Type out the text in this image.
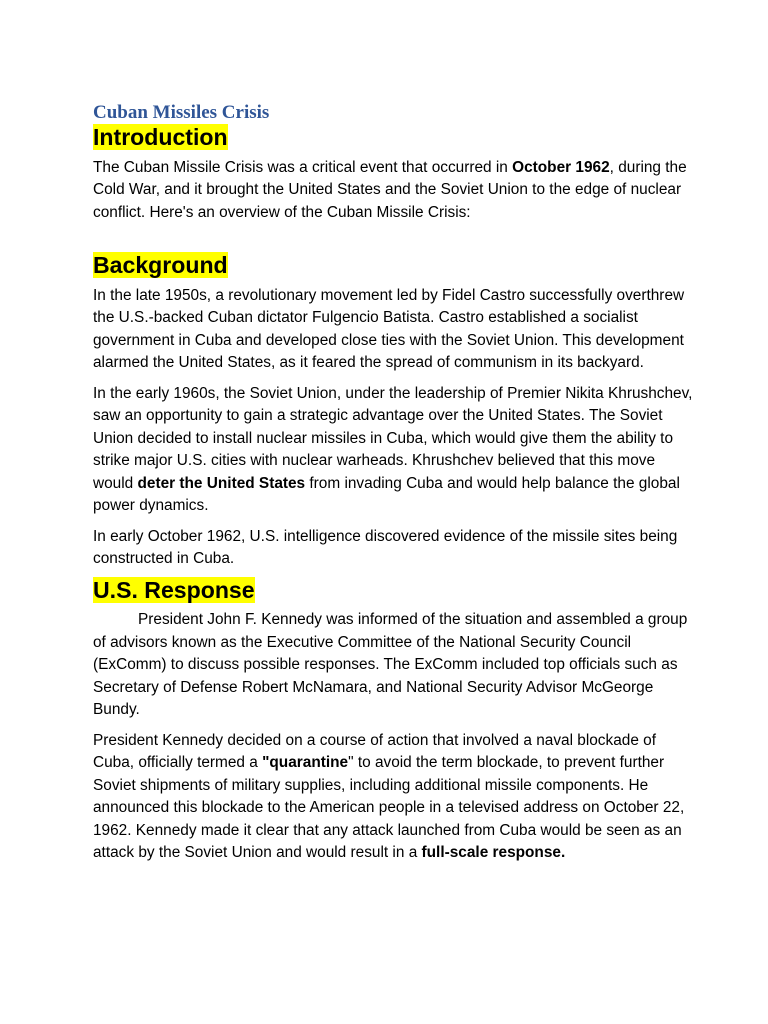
Cuban Missiles Crisis
Introduction

The Cuban Missile Crisis was a critical event that occurred in October 1962, during the Cold War, and it brought the United States and the Soviet Union to the edge of nuclear conflict. Here's an overview of the Cuban Missile Crisis:

Background

In the late 1950s, a revolutionary movement led by Fidel Castro successfully overthrew the U.S.-backed Cuban dictator Fulgencio Batista. Castro established a socialist government in Cuba and developed close ties with the Soviet Union. This development alarmed the United States, as it feared the spread of communism in its backyard.

In the early 1960s, the Soviet Union, under the leadership of Premier Nikita Khrushchev, saw an opportunity to gain a strategic advantage over the United States. The Soviet Union decided to install nuclear missiles in Cuba, which would give them the ability to strike major U.S. cities with nuclear warheads. Khrushchev believed that this move would deter the United States from invading Cuba and would help balance the global power dynamics.

In early October 1962, U.S. intelligence discovered evidence of the missile sites being constructed in Cuba.

U.S. Response

President John F. Kennedy was informed of the situation and assembled a group of advisors known as the Executive Committee of the National Security Council (ExComm) to discuss possible responses. The ExComm included top officials such as Secretary of Defense Robert McNamara, and National Security Advisor McGeorge Bundy.

President Kennedy decided on a course of action that involved a naval blockade of Cuba, officially termed a "quarantine" to avoid the term blockade, to prevent further Soviet shipments of military supplies, including additional missile components. He announced this blockade to the American people in a televised address on October 22, 1962. Kennedy made it clear that any attack launched from Cuba would be seen as an attack by the Soviet Union and would result in a full-scale response.
